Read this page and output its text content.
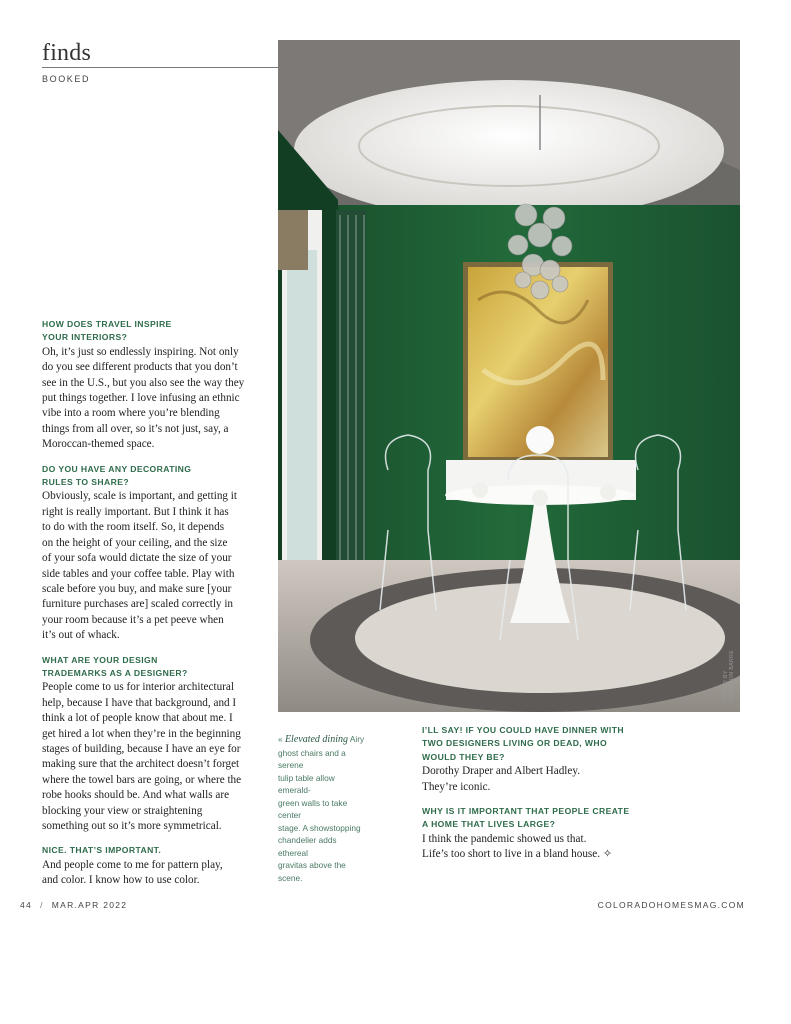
finds
BOOKED
PHOTO BY BRANDON BARRE
HOW DOES TRAVEL INSPIRE
YOUR INTERIORS?

Oh, it’s just so endlessly inspiring. Not only

do you see different products that you don’t

see in the U.S., but you also see the way they

put things together. I love infusing an ethnic

vibe into a room where you’re blending

things from all over, so it’s not just, say, a

Moroccan-themed space.

DO YOU HAVE ANY DECORATING
RULES TO SHARE?

Obviously, scale is important, and getting it

right is really important. But I think it has

to do with the room itself. So, it depends

on the height of your ceiling, and the size

of your sofa would dictate the size of your

side tables and your coffee table. Play with

scale before you buy, and make sure [your

furniture purchases are] scaled correctly in

your room because it’s a pet peeve when

it’s out of whack.

WHAT ARE YOUR DESIGN
TRADEMARKS AS A DESIGNER?

People come to us for interior architectural

help, because I have that background, and I

think a lot of people know that about me. I

get hired a lot when they’re in the beginning

stages of building, because I have an eye for

making sure that the architect doesn’t forget

where the towel bars are going, or where the

robe hooks should be. And what walls are

blocking your view or straightening

something out so it’s more symmetrical.

NICE. THAT’S IMPORTANT.

And people come to me for pattern play,

and color. I know how to use color.

« Elevated dining Airy
ghost chairs and a serene
tulip table allow emerald-
green walls to take center
stage. A showstopping
chandelier adds ethereal
gravitas above the scene.
I’LL SAY! IF YOU COULD HAVE DINNER WITH
TWO DESIGNERS LIVING OR DEAD, WHO
WOULD THEY BE?

Dorothy Draper and Albert Hadley.

They’re iconic.

WHY IS IT IMPORTANT THAT PEOPLE CREATE
A HOME THAT LIVES LARGE?

I think the pandemic showed us that.

Life’s too short to live in a bland house. ✧

44 / MAR.APR 2022	COLORADOHOMESMAG.COM
